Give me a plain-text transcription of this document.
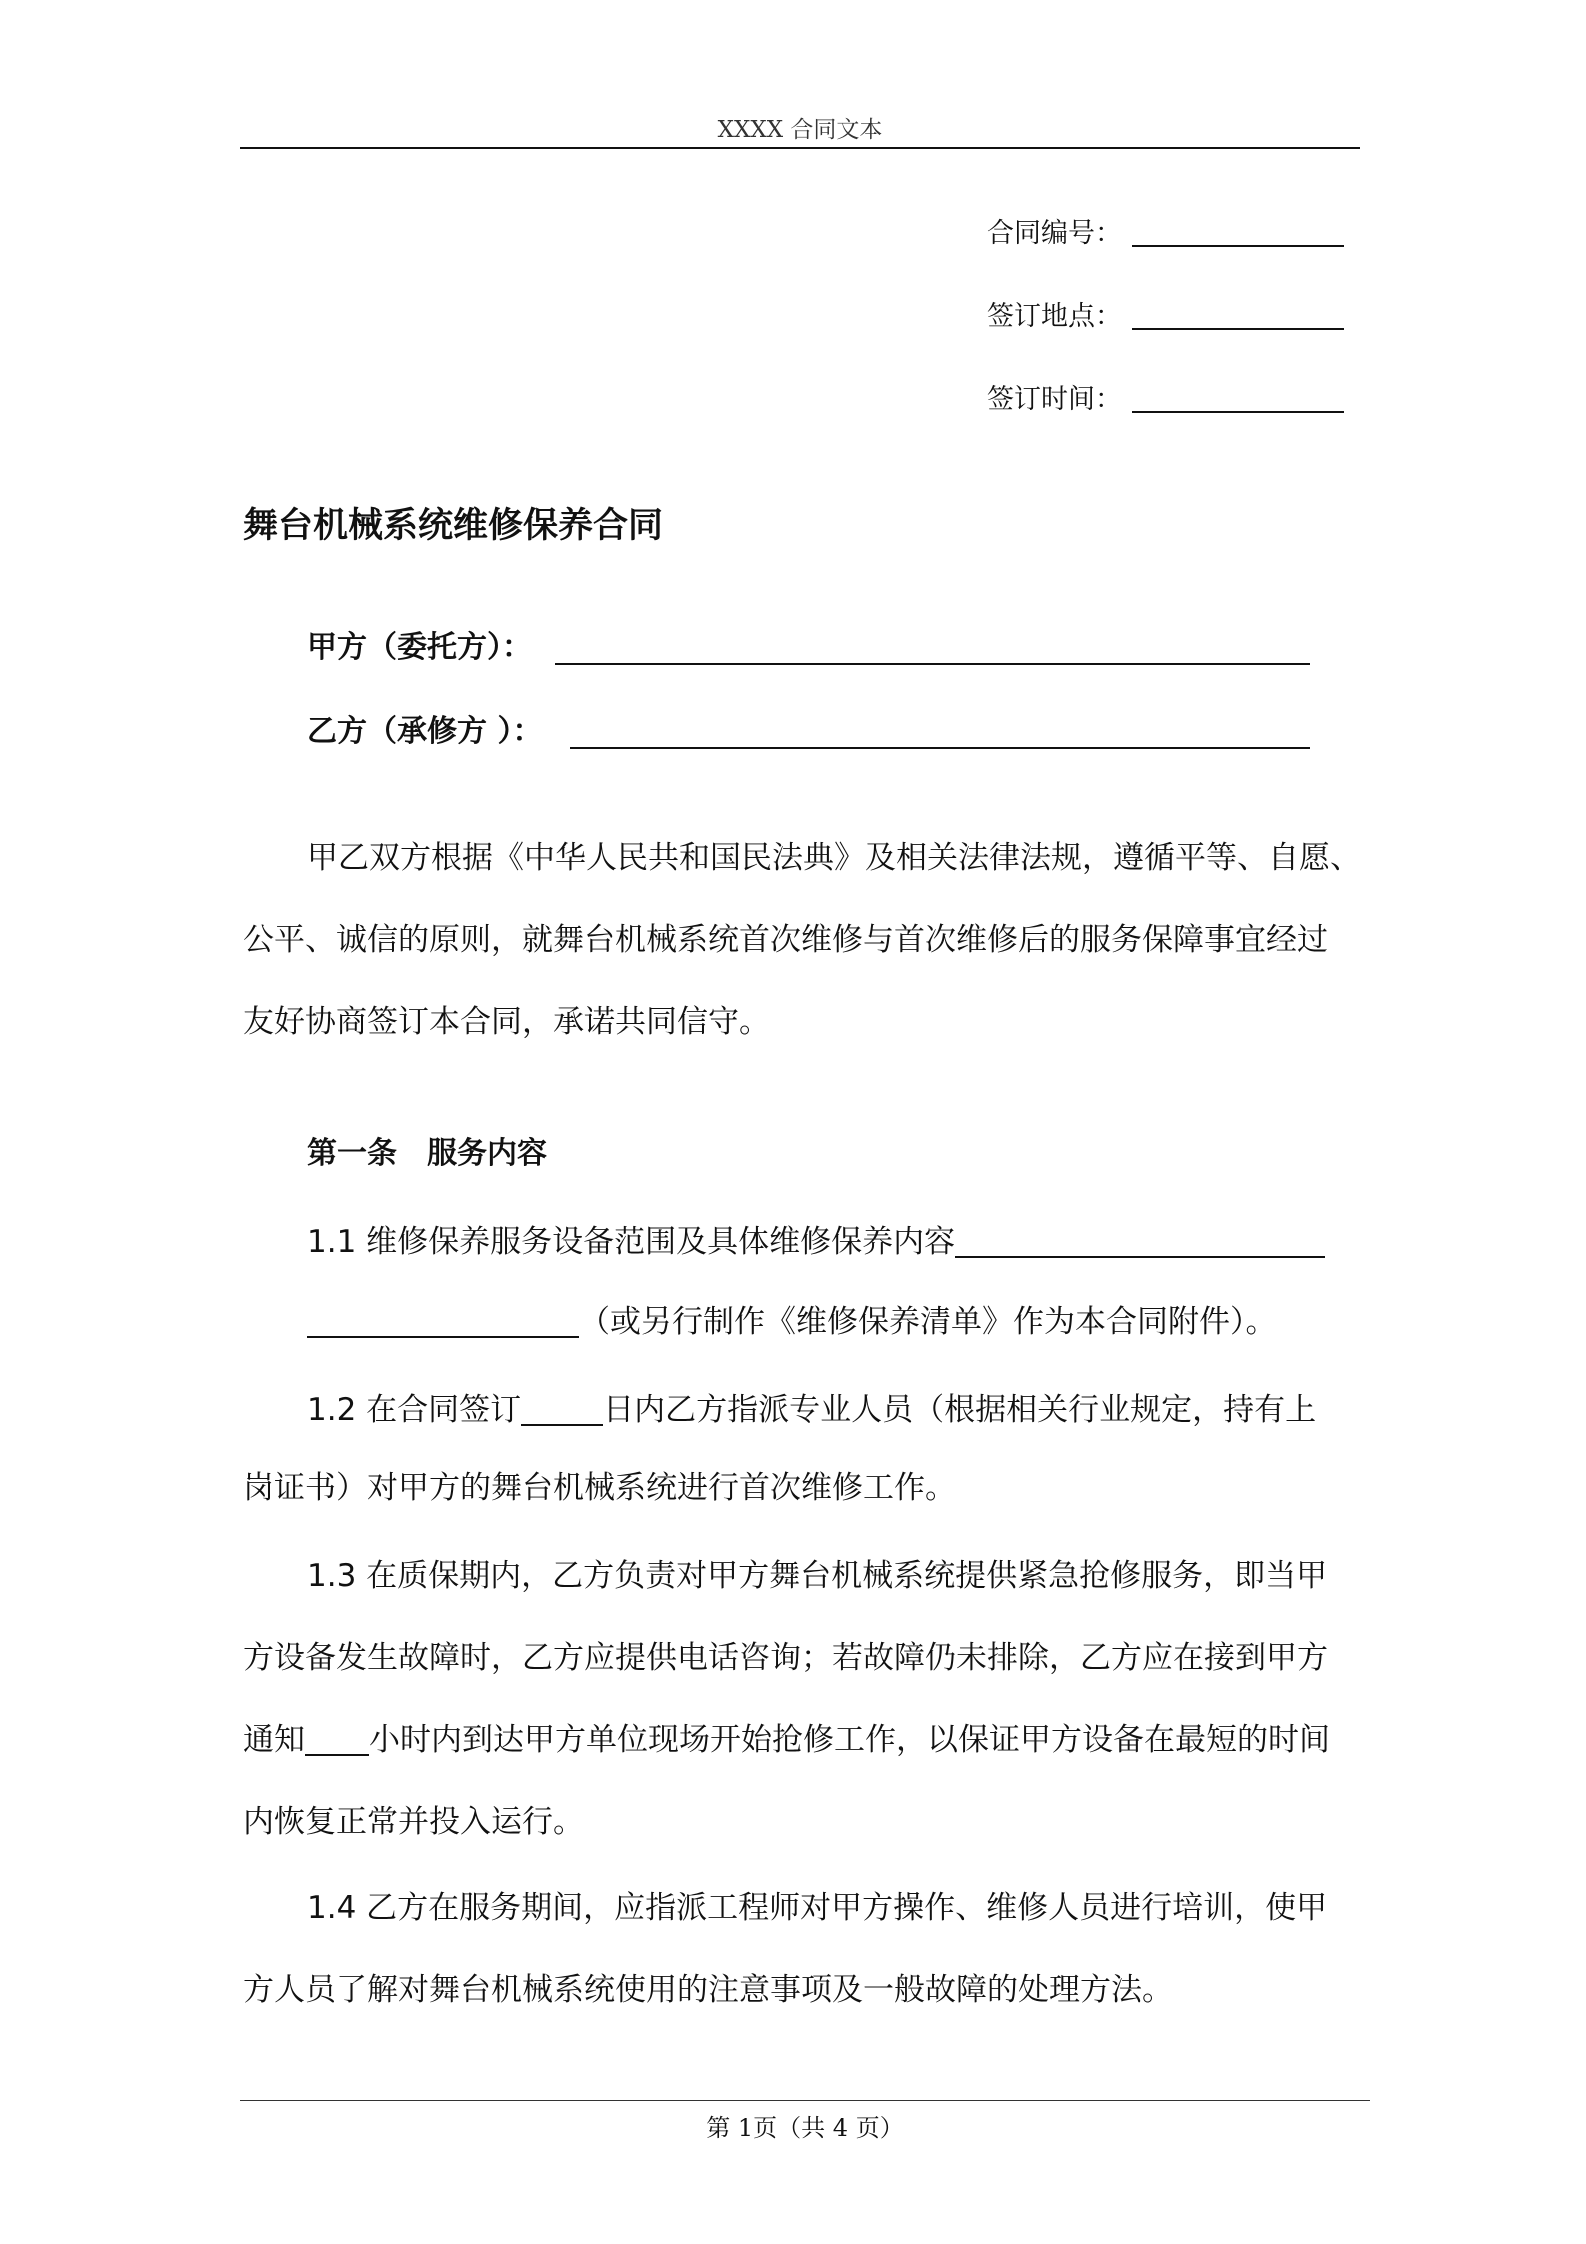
XXXX 合同文本
合同编号：
签订地点：
签订时间：
舞台机械系统维修保养合同
甲方（委托方）：
乙方（承修方 ）：
甲乙双方根据《中华人民共和国民法典》及相关法律法规，遵循平等、自愿、
公平、诚信的原则，就舞台机械系统首次维修与首次维修后的服务保障事宜经过
友好协商签订本合同，承诺共同信守。
第一条 服务内容
1.1 维修保养服务设备范围及具体维修保养内容
（或另行制作《维修保养清单》作为本合同附件）。
1.2 在合同签订	日内乙方指派专业人员（根据相关行业规定，持有上
岗证书）对甲方的舞台机械系统进行首次维修工作。
1.3 在质保期内，乙方负责对甲方舞台机械系统提供紧急抢修服务，即当甲
方设备发生故障时，乙方应提供电话咨询；若故障仍未排除，乙方应在接到甲方
通知 小时内到达甲方单位现场开始抢修工作，以保证甲方设备在最短的时间
内恢复正常并投入运行。
1.4 乙方在服务期间，应指派工程师对甲方操作、维修人员进行培训，使甲
方人员了解对舞台机械系统使用的注意事项及一般故障的处理方法。
第 1页（共 4 页）
